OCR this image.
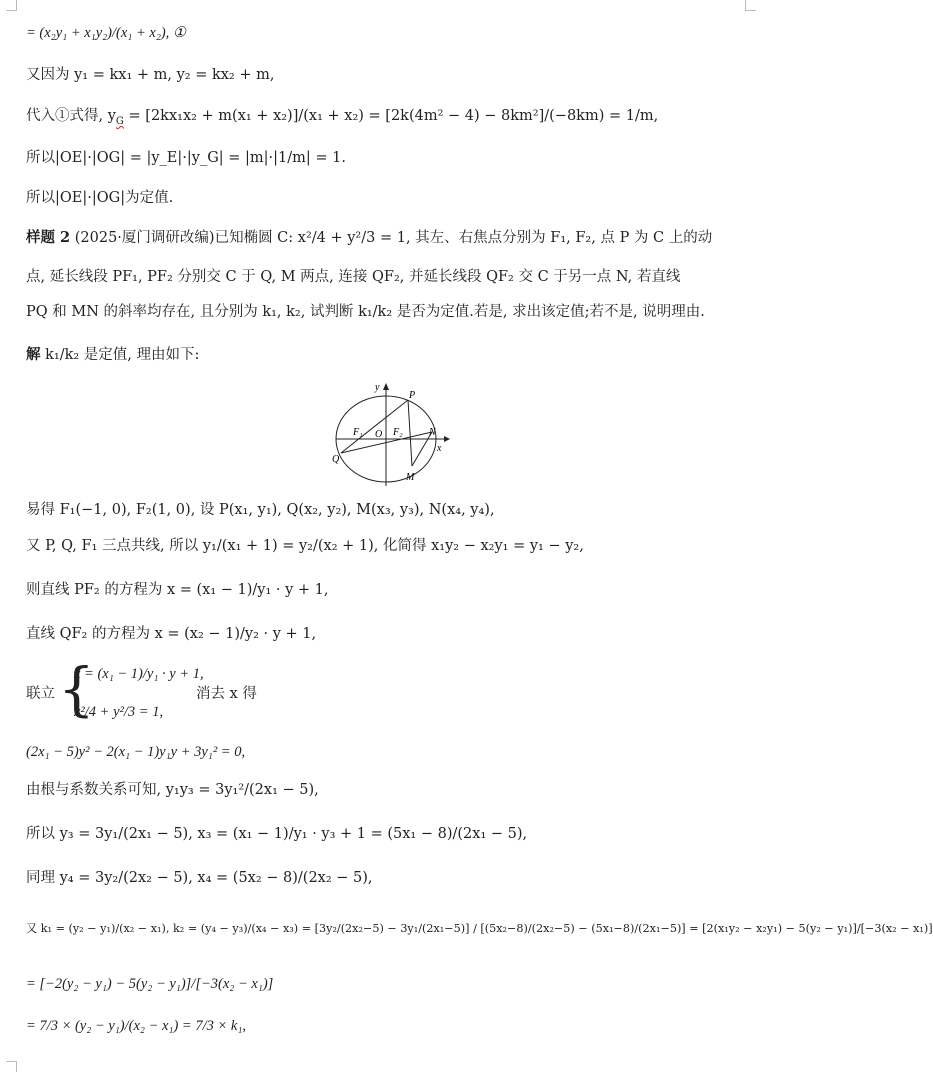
= (x₂y₁ + x₁y₂)/(x₁ + x₂), ①
又因为 y₁ = kx₁ + m, y₂ = kx₂ + m,
代入①式得, $y_G = [2kx_1x_2 + m(x_1 + x_2)]/(x_1 + x_2) = [2k(4m^2 - 4) - 8km^2]/(-8km) = 1/m$,
所以|OE|·|OG| = |y_E|·|y_G| = |m|·|1/m| = 1.
所以|OE|·|OG|为定值.
样题 2 (2025·厦门调研改编)已知椭圆 C: x²/4 + y²/3 = 1, 其左、右焦点分别为 F₁, F₂, 点 P 为 C 上的动
点, 延长线段 PF₁, PF₂ 分别交 C 于 Q, M 两点, 连接 QF₂, 并延长线段 QF₂ 交 C 于另一点 N, 若直线
PQ 和 MN 的斜率均存在, 且分别为 k₁, k₂, 试判断 k₁/k₂ 是否为定值.若是, 求出该定值;若不是, 说明理由.
解 k₁/k₂ 是定值, 理由如下:
y
x
O
P
Q
M
N
F₁	F₂
易得 F₁(−1, 0), F₂(1, 0), 设 P(x₁, y₁), Q(x₂, y₂), M(x₃, y₃), N(x₄, y₄),
又 P, Q, F₁ 三点共线, 所以 y₁/(x₁ + 1) = y₂/(x₂ + 1), 化简得 x₁y₂ − x₂y₁ = y₁ − y₂,
则直线 PF₂ 的方程为 x = (x₁ − 1)/y₁ · y + 1,
直线 QF₂ 的方程为 x = (x₂ − 1)/y₂ · y + 1,
联立 {
x = (x₁ − 1)/y₁ · y + 1,
x²/4 + y²/3 = 1,
消去 x 得
(2x₁ − 5)y² − 2(x₁ − 1)y₁y + 3y₁² = 0,
由根与系数关系可知, y₁y₃ = 3y₁²/(2x₁ − 5),
所以 y₃ = 3y₁/(2x₁ − 5), x₃ = (x₁ − 1)/y₁ · y₃ + 1 = (5x₁ − 8)/(2x₁ − 5),
同理 y₄ = 3y₂/(2x₂ − 5), x₄ = (5x₂ − 8)/(2x₂ − 5),
又 k₁ = (y₂ − y₁)/(x₂ − x₁), k₂ = (y₄ − y₃)/(x₄ − x₃) = [3y₂/(2x₂−5) − 3y₁/(2x₁−5)] / [(5x₂−8)/(2x₂−5) − (5x₁−8)/(2x₁−5)] = [2(x₁y₂ − x₂y₁) − 5(y₂ − y₁)]/[−3(x₂ − x₁)]
= [−2(y₂ − y₁) − 5(y₂ − y₁)]/[−3(x₂ − x₁)]
= 7/3 × (y₂ − y₁)/(x₂ − x₁) = 7/3 × k₁,
